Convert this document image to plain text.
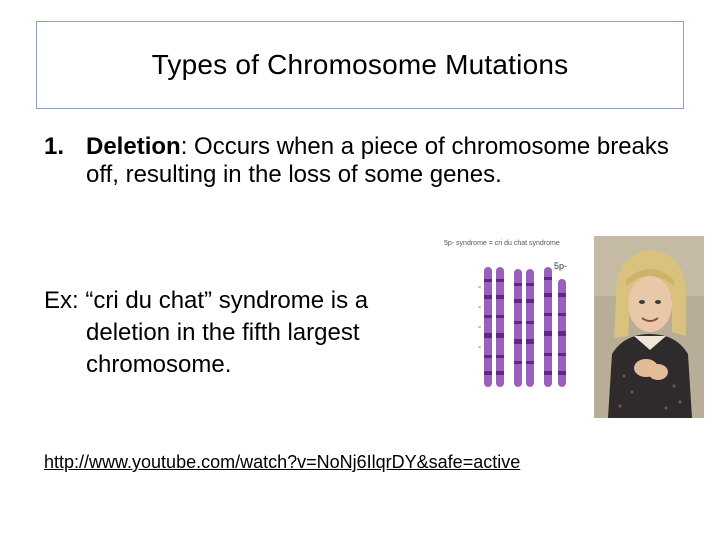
Types of Chromosome Mutations
1. Deletion: Occurs when a piece of chromosome breaks off, resulting in the loss of some genes.
Ex: “cri du chat” syndrome is a
deletion in the fifth largest
chromosome.
http://www.youtube.com/watch?v=NoNj6IlqrDY&safe=active
5p- syndrome = cri du chat syndrome
5p-
